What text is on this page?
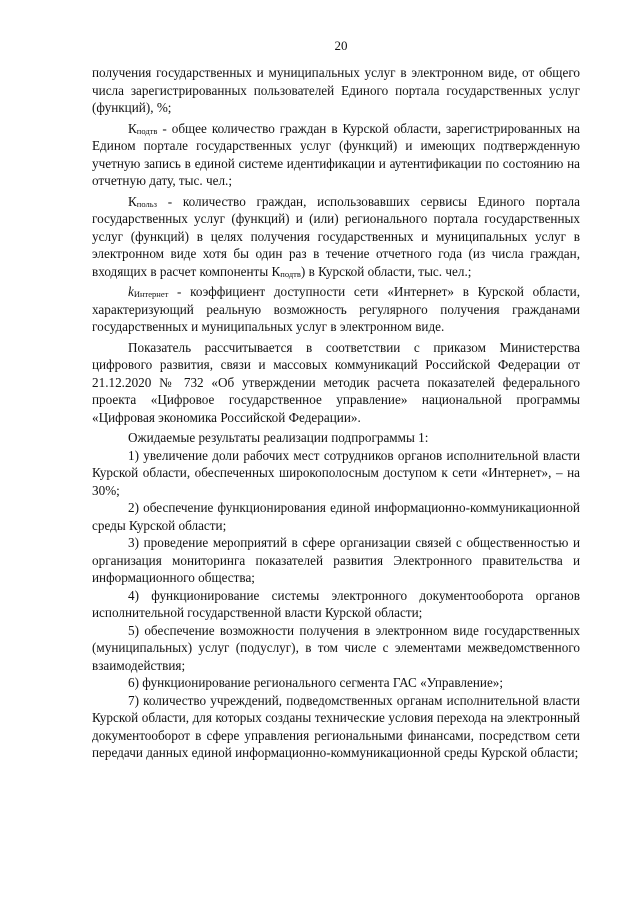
20

получения государственных и муниципальных услуг в электронном виде, от общего числа зарегистрированных пользователей Единого портала государственных услуг (функций), %;

$К_{подтв}$ - общее количество граждан в Курской области, зарегистрированных на Едином портале государственных услуг (функций) и имеющих подтвержденную учетную запись в единой системе идентификации и аутентификации по состоянию на отчетную дату, тыс. чел.;

$К_{польз}$ - количество граждан, использовавших сервисы Единого портала государственных услуг (функций) и (или) регионального портала государственных услуг (функций) в целях получения государственных и муниципальных услуг в электронном виде хотя бы один раз в течение отчетного года (из числа граждан, входящих в расчет компоненты $К_{подтв}$) в Курской области, тыс. чел.;

$k_{Интернет}$ - коэффициент доступности сети «Интернет» в Курской области, характеризующий реальную возможность регулярного получения гражданами государственных и муниципальных услуг в электронном виде.

Показатель рассчитывается в соответствии с приказом Министерства цифрового развития, связи и массовых коммуникаций Российской Федерации от 21.12.2020 № 732 «Об утверждении методик расчета показателей федерального проекта «Цифровое государственное управление» национальной программы «Цифровая экономика Российской Федерации».

Ожидаемые результаты реализации подпрограммы 1:

1) увеличение доли рабочих мест сотрудников органов исполнительной власти Курской области, обеспеченных широкополосным доступом к сети «Интернет», – на 30%;

2) обеспечение функционирования единой информационно-коммуникационной среды Курской области;

3) проведение мероприятий в сфере организации связей с общественностью и организация мониторинга показателей развития Электронного правительства и информационного общества;

4) функционирование системы электронного документооборота органов исполнительной государственной власти Курской области;

5) обеспечение возможности получения в электронном виде государственных (муниципальных) услуг (подуслуг), в том числе с элементами межведомственного взаимодействия;

6) функционирование регионального сегмента ГАС «Управление»;

7) количество учреждений, подведомственных органам исполнительной власти Курской области, для которых созданы технические условия перехода на электронный документооборот в сфере управления региональными финансами, посредством сети передачи данных единой информационно-коммуникационной среды Курской области;
